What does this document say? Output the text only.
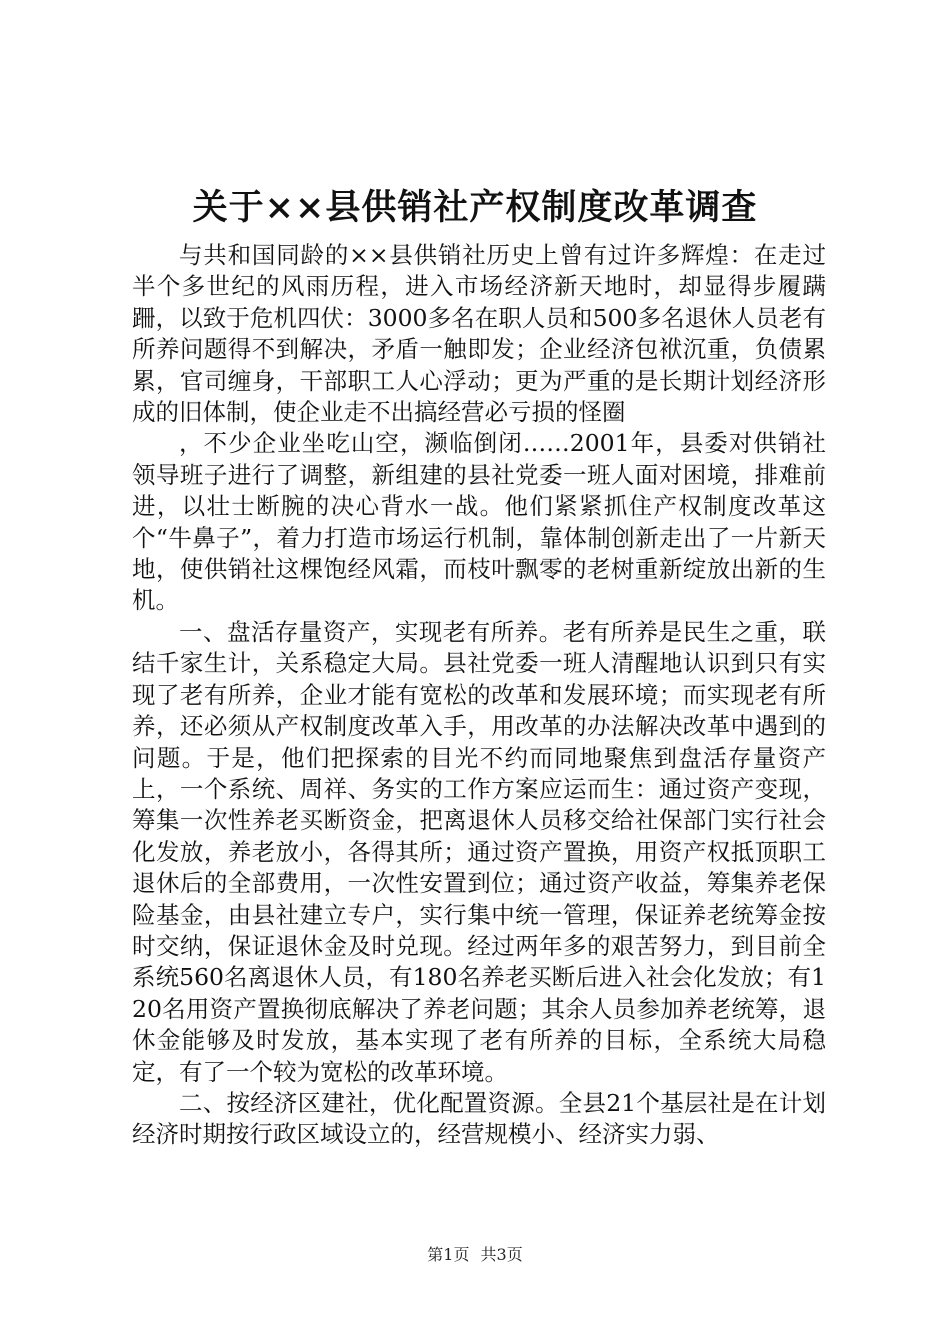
关于××县供销社产权制度改革调查

与共和国同龄的××县供销社历史上曾有过许多辉煌：在走过半个多世纪的风雨历程，进入市场经济新天地时，却显得步履蹒跚，以致于危机四伏：3000多名在职人员和500多名退休人员老有所养问题得不到解决，矛盾一触即发；企业经济包袱沉重，负债累累，官司缠身，干部职工人心浮动；更为严重的是长期计划经济形成的旧体制，使企业走不出搞经营必亏损的怪圈

，不少企业坐吃山空，濒临倒闭……2001年，县委对供销社领导班子进行了调整，新组建的县社党委一班人面对困境，排难前进，以壮士断腕的决心背水一战。他们紧紧抓住产权制度改革这个“牛鼻子”，着力打造市场运行机制，靠体制创新走出了一片新天地，使供销社这棵饱经风霜，而枝叶飘零的老树重新绽放出新的生机。

一、盘活存量资产，实现老有所养。老有所养是民生之重，联结千家生计，关系稳定大局。县社党委一班人清醒地认识到只有实现了老有所养，企业才能有宽松的改革和发展环境；而实现老有所养，还必须从产权制度改革入手，用改革的办法解决改革中遇到的问题。于是，他们把探索的目光不约而同地聚焦到盘活存量资产上，一个系统、周祥、务实的工作方案应运而生：通过资产变现，筹集一次性养老买断资金，把离退休人员移交给社保部门实行社会化发放，养老放小，各得其所；通过资产置换，用资产权抵顶职工退休后的全部费用，一次性安置到位；通过资产收益，筹集养老保险基金，由县社建立专户，实行集中统一管理，保证养老统筹金按时交纳，保证退休金及时兑现。经过两年多的艰苦努力，到目前全系统560名离退休人员，有180名养老买断后进入社会化发放；有120名用资产置换彻底解决了养老问题；其余人员参加养老统筹，退休金能够及时发放，基本实现了老有所养的目标，全系统大局稳定，有了一个较为宽松的改革环境。

二、按经济区建社，优化配置资源。全县21个基层社是在计划经济时期按行政区域设立的，经营规模小、经济实力弱、

第1页 共3页
